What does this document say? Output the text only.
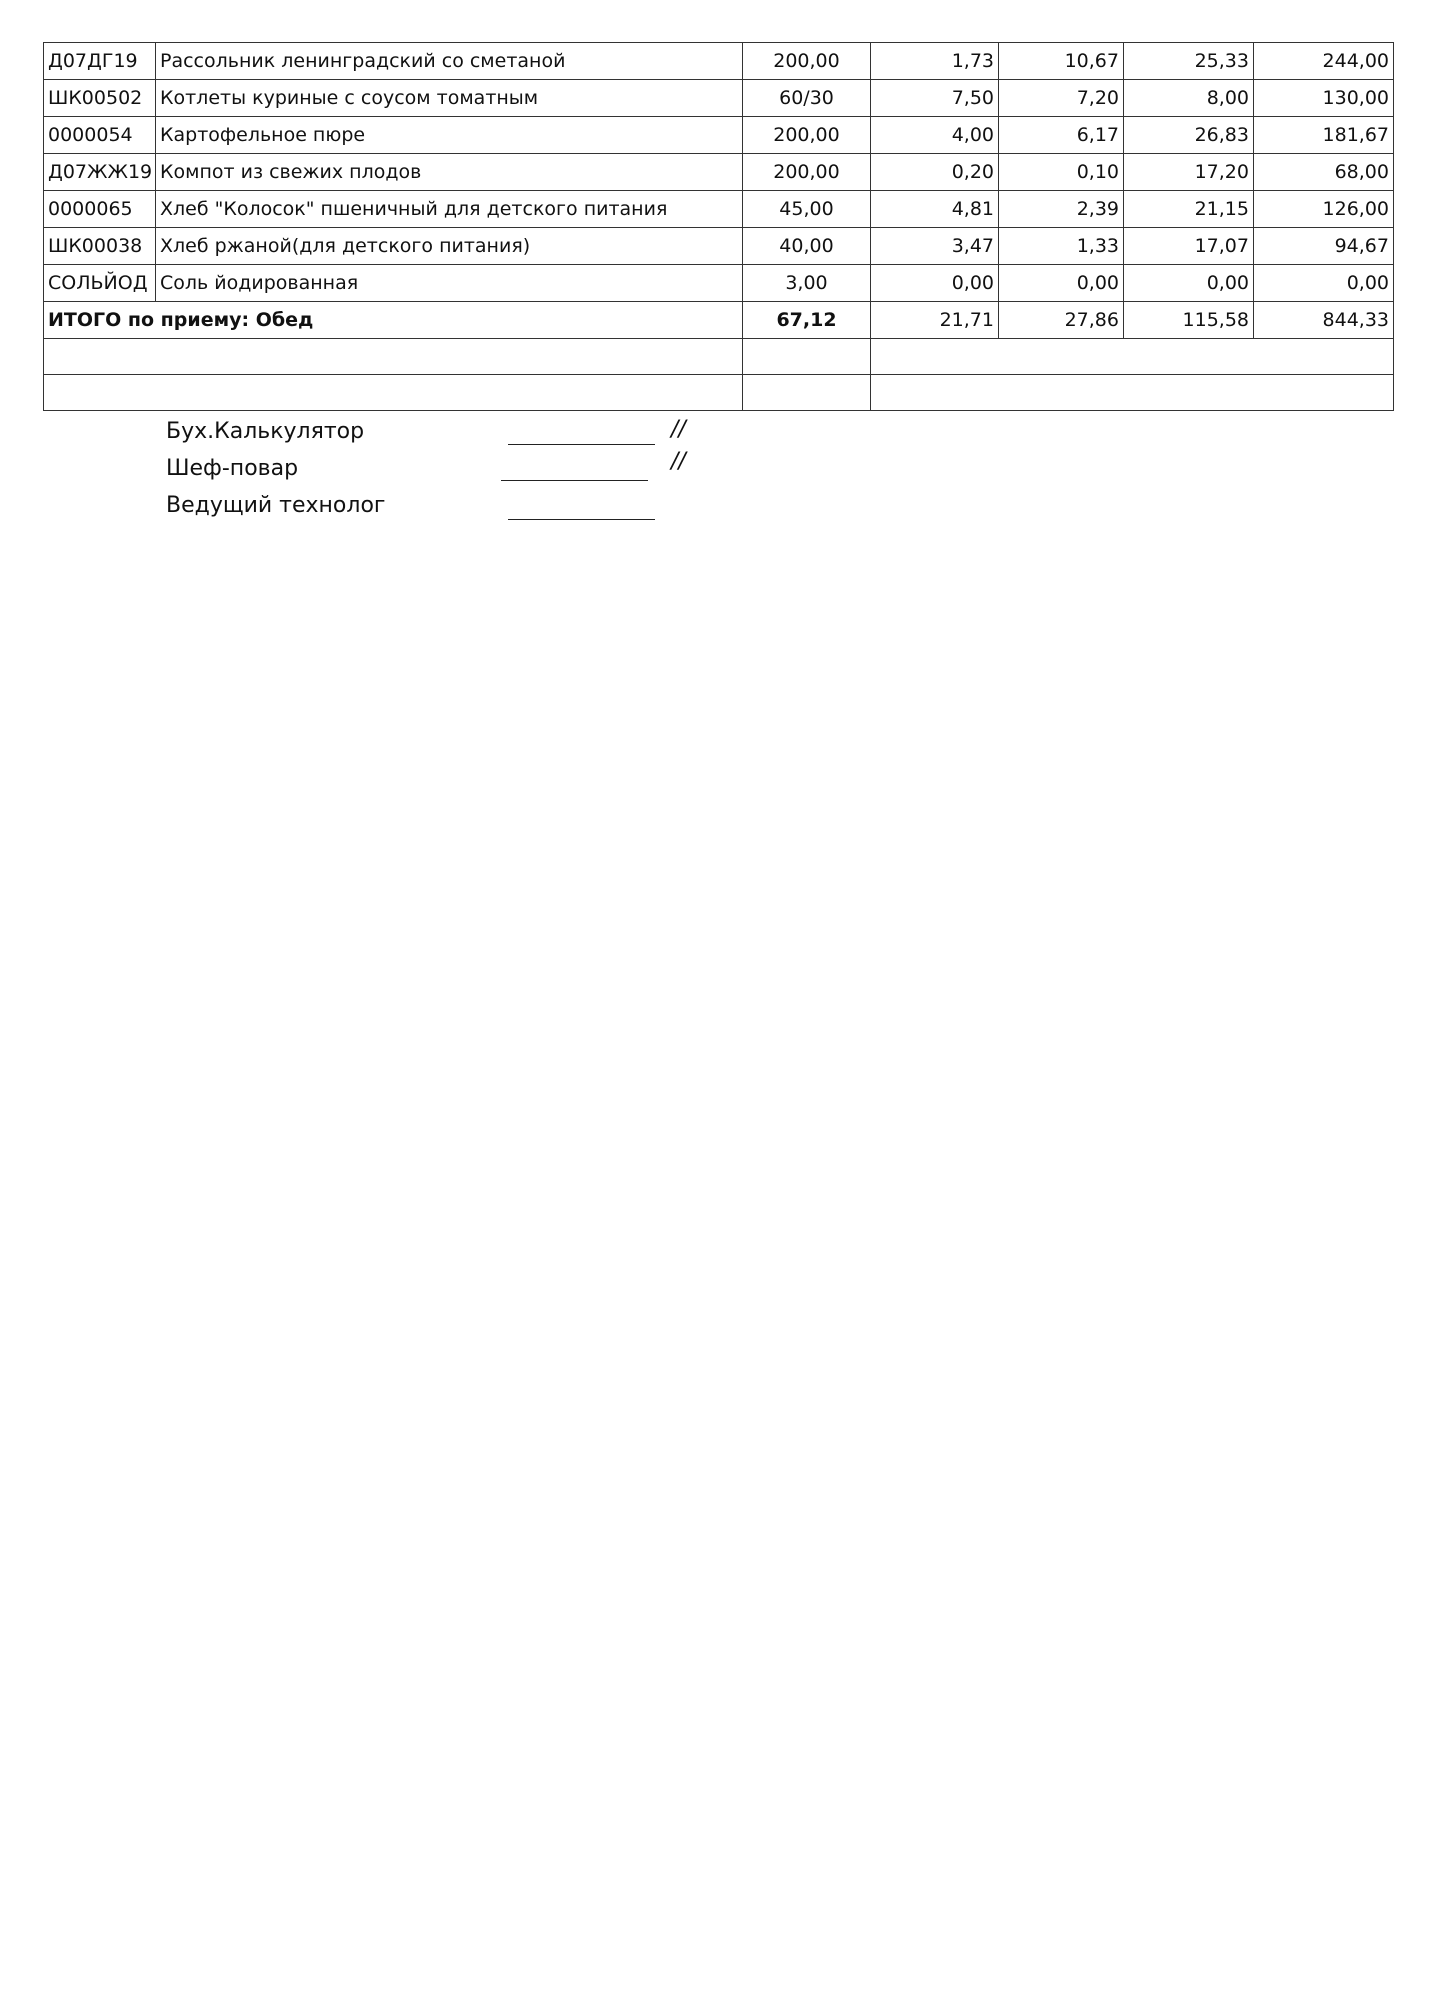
Д07ДГ19	Рассольник ленинградский со сметаной	200,00	1,73	10,67	25,33	244,00
ШК00502	Котлеты куриные с соусом томатным	60/30	7,50	7,20	8,00	130,00
0000054	Картофельное пюре	200,00	4,00	6,17	26,83	181,67
Д07ЖЖ19	Компот из свежих плодов	200,00	0,20	0,10	17,20	68,00
0000065	Хлеб "Колосок" пшеничный для детского питания	45,00	4,81	2,39	21,15	126,00
ШК00038	Хлеб ржаной(для детского питания)	40,00	3,47	1,33	17,07	94,67
СОЛЬЙОД	Соль йодированная	3,00	0,00	0,00	0,00	0,00
ИТОГО по приему: Обед		67,12	21,71	27,86	115,58	844,33

Бух.Калькулятор	//
Шеф-повар	//
Ведущий технолог
